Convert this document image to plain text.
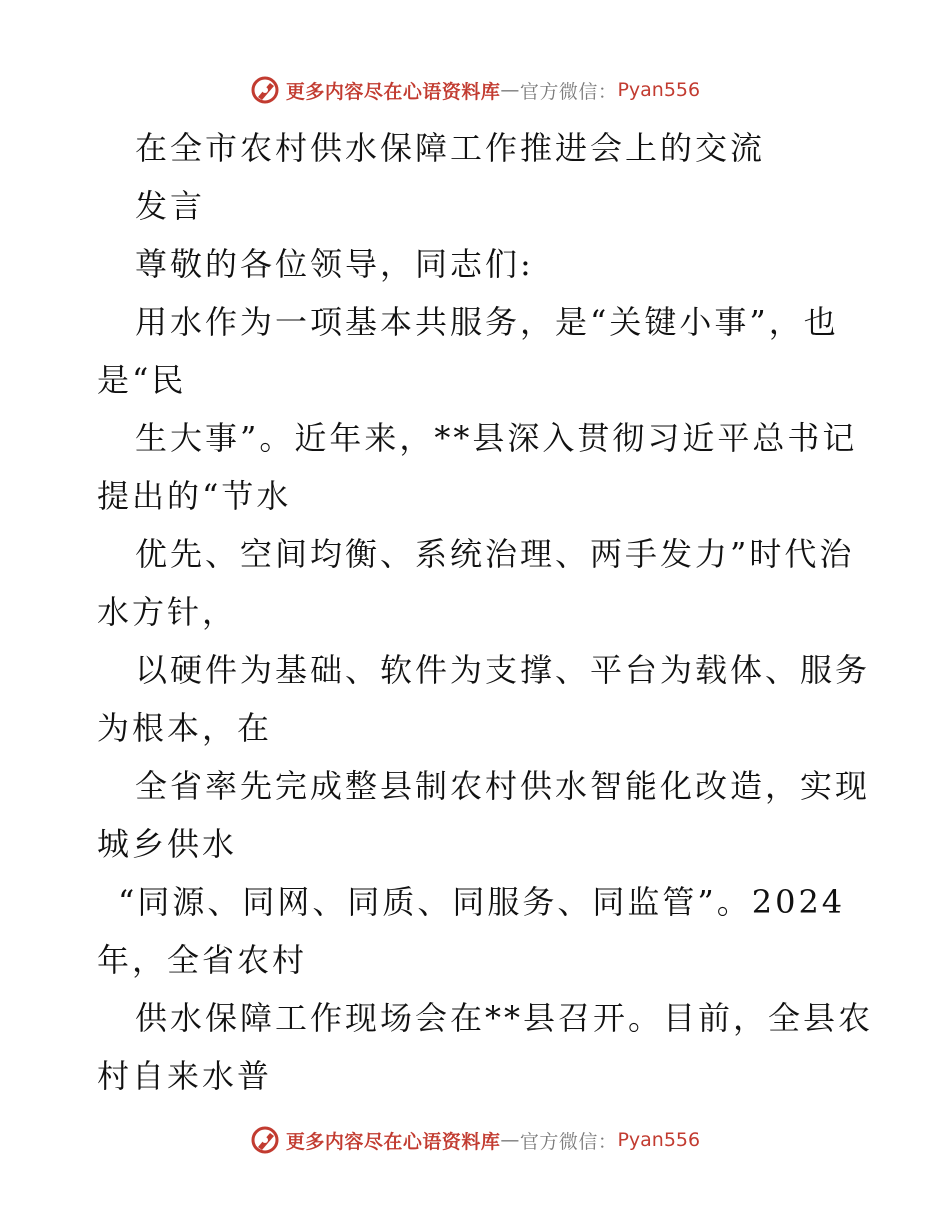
更多内容尽在心语资料库 — 官方微信： Pyan556

在全市农村供水保障工作推进会上的交流

发言

尊敬的各位领导，同志们:

用水作为一项基本共服务，是“关键小事”，也

是“民

生大事”。近年来，**县深入贯彻习近平总书记

提出的“节水

优先、空间均衡、系统治理、两手发力”时代治

水方针，

以硬件为基础、软件为支撑、平台为载体、服务

为根本，在

全省率先完成整县制农村供水智能化改造，实现

城乡供水

“同源、同网、同质、同服务、同监管”。2024

年，全省农村

供水保障工作现场会在**县召开。目前，全县农

村自来水普

更多内容尽在心语资料库 — 官方微信： Pyan556
